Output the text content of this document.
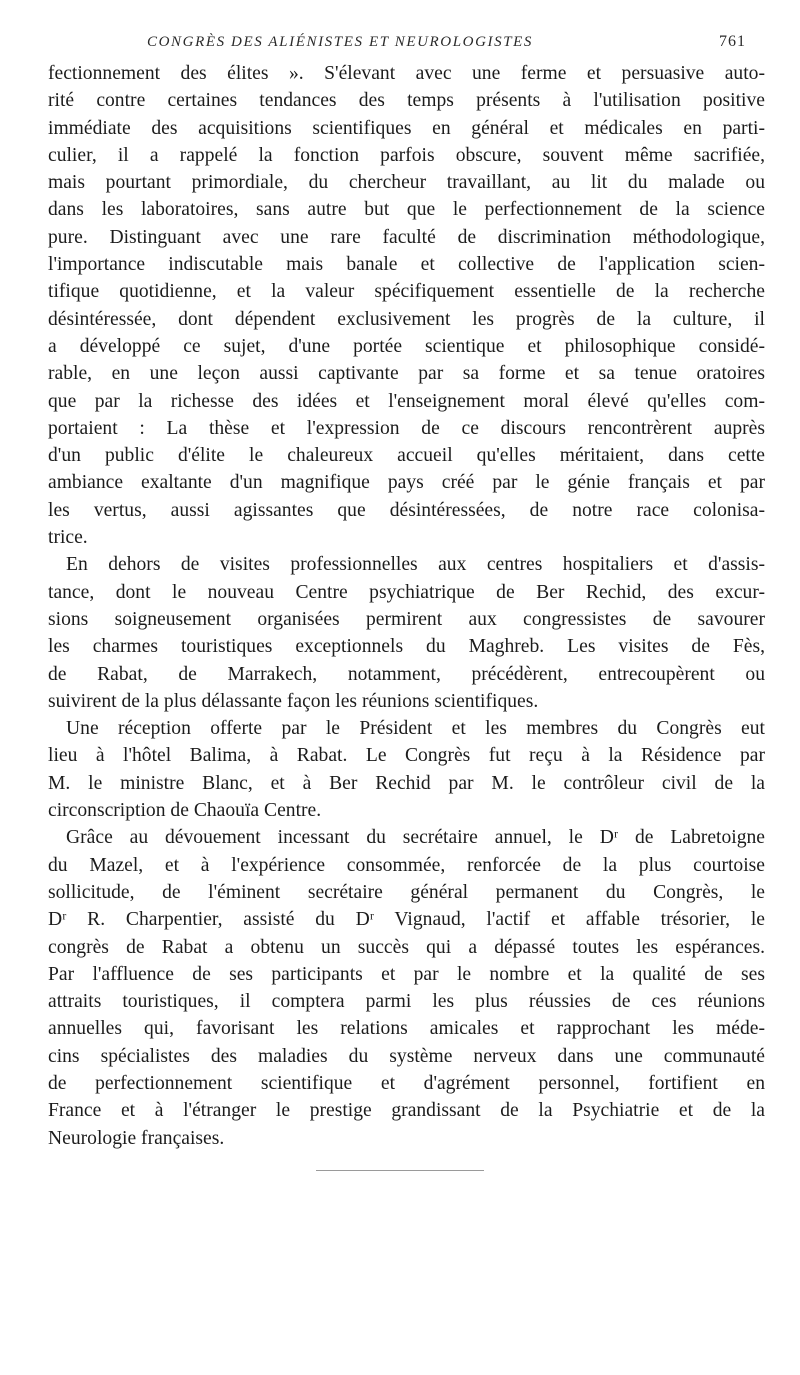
CONGRÈS DES ALIÉNISTES ET NEUROLOGISTES	761

fectionnement des élites ». S'élevant avec une ferme et persuasive auto-
rité contre certaines tendances des temps présents à l'utilisation positive
immédiate des acquisitions scientifiques en général et médicales en parti-
culier, il a rappelé la fonction parfois obscure, souvent même sacrifiée,
mais pourtant primordiale, du chercheur travaillant, au lit du malade ou
dans les laboratoires, sans autre but que le perfectionnement de la science
pure. Distinguant avec une rare faculté de discrimination méthodologique,
l'importance indiscutable mais banale et collective de l'application scien-
tifique quotidienne, et la valeur spécifiquement essentielle de la recherche
désintéressée, dont dépendent exclusivement les progrès de la culture, il
a développé ce sujet, d'une portée scientique et philosophique considé-
rable, en une leçon aussi captivante par sa forme et sa tenue oratoires
que par la richesse des idées et l'enseignement moral élevé qu'elles com-
portaient : La thèse et l'expression de ce discours rencontrèrent auprès
d'un public d'élite le chaleureux accueil qu'elles méritaient, dans cette
ambiance exaltante d'un magnifique pays créé par le génie français et par
les vertus, aussi agissantes que désintéressées, de notre race colonisa-
trice.

En dehors de visites professionnelles aux centres hospitaliers et d'assis-
tance, dont le nouveau Centre psychiatrique de Ber Rechid, des excur-
sions soigneusement organisées permirent aux congressistes de savourer
les charmes touristiques exceptionnels du Maghreb. Les visites de Fès,
de Rabat, de Marrakech, notamment, précédèrent, entrecoupèrent ou
suivirent de la plus délassante façon les réunions scientifiques.

Une réception offerte par le Président et les membres du Congrès eut
lieu à l'hôtel Balima, à Rabat. Le Congrès fut reçu à la Résidence par
M. le ministre Blanc, et à Ber Rechid par M. le contrôleur civil de la
circonscription de Chaouïa Centre.

Grâce au dévouement incessant du secrétaire annuel, le Dʳ de Labretoigne
du Mazel, et à l'expérience consommée, renforcée de la plus courtoise
sollicitude, de l'éminent secrétaire général permanent du Congrès, le
Dʳ R. Charpentier, assisté du Dʳ Vignaud, l'actif et affable trésorier, le
congrès de Rabat a obtenu un succès qui a dépassé toutes les espérances.
Par l'affluence de ses participants et par le nombre et la qualité de ses
attraits touristiques, il comptera parmi les plus réussies de ces réunions
annuelles qui, favorisant les relations amicales et rapprochant les méde-
cins spécialistes des maladies du système nerveux dans une communauté
de perfectionnement scientifique et d'agrément personnel, fortifient en
France et à l'étranger le prestige grandissant de la Psychiatrie et de la
Neurologie françaises.
